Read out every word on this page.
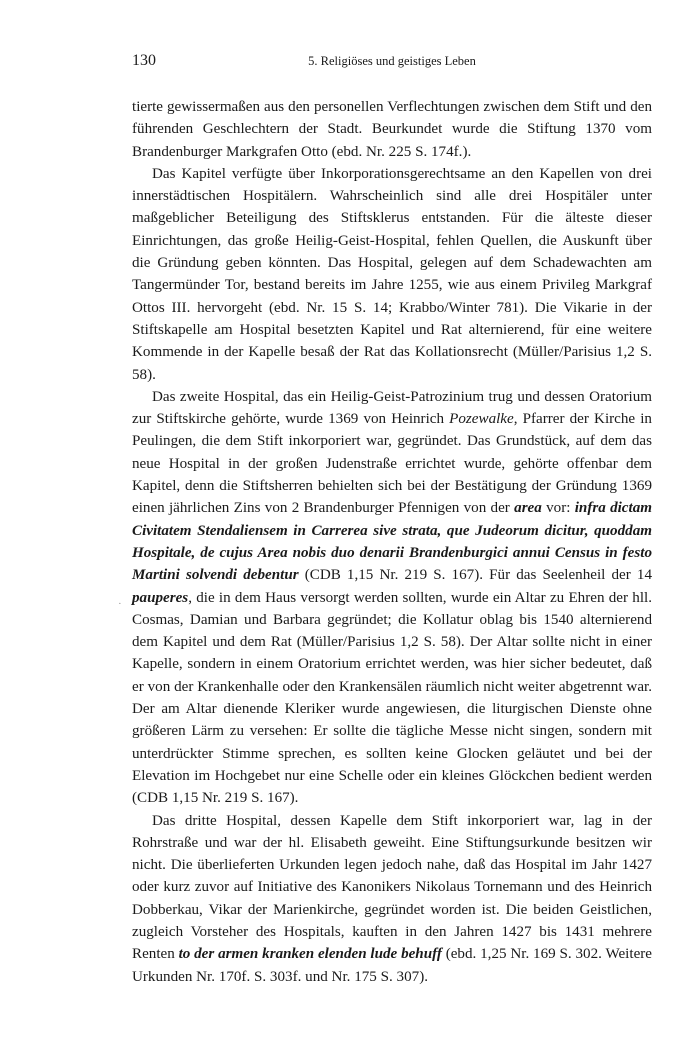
130	5. Religiöses und geistiges Leben

tierte gewissermaßen aus den personellen Verflechtungen zwischen dem Stift und den führenden Geschlechtern der Stadt. Beurkundet wurde die Stiftung 1370 vom Brandenburger Markgrafen Otto (ebd. Nr. 225 S. 174f.).

Das Kapitel verfügte über Inkorporationsgerechtsame an den Kapellen von drei innerstädtischen Hospitälern. Wahrscheinlich sind alle drei Hospitäler unter maßgeblicher Beteiligung des Stiftsklerus entstanden. Für die älteste dieser Einrichtungen, das große Heilig-Geist-Hospital, fehlen Quellen, die Auskunft über die Gründung geben könnten. Das Hospital, gelegen auf dem Schadewachten am Tangermünder Tor, bestand bereits im Jahre 1255, wie aus einem Privileg Markgraf Ottos III. hervorgeht (ebd. Nr. 15 S. 14; Krabbo/Winter 781). Die Vikarie in der Stiftskapelle am Hospital besetzten Kapitel und Rat alternierend, für eine weitere Kommende in der Kapelle besaß der Rat das Kollationsrecht (Müller/Parisius 1,2 S. 58).

Das zweite Hospital, das ein Heilig-Geist-Patrozinium trug und dessen Oratorium zur Stiftskirche gehörte, wurde 1369 von Heinrich Pozewalke, Pfarrer der Kirche in Peulingen, die dem Stift inkorporiert war, gegründet. Das Grundstück, auf dem das neue Hospital in der großen Judenstraße errichtet wurde, gehörte offenbar dem Kapitel, denn die Stiftsherren behielten sich bei der Bestätigung der Gründung 1369 einen jährlichen Zins von 2 Brandenburger Pfennigen von der area vor: infra dictam Civitatem Stendaliensem in Carrerea sive strata, que Judeorum dicitur, quoddam Hospitale, de cujus Area nobis duo denarii Brandenburgici annui Census in festo Martini solvendi debentur (CDB 1,15 Nr. 219 S. 167). Für das Seelenheil der 14 pauperes, die in dem Haus versorgt werden sollten, wurde ein Altar zu Ehren der hll. Cosmas, Damian und Barbara gegründet; die Kollatur oblag bis 1540 alternierend dem Kapitel und dem Rat (Müller/Parisius 1,2 S. 58). Der Altar sollte nicht in einer Kapelle, sondern in einem Oratorium errichtet werden, was hier sicher bedeutet, daß er von der Krankenhalle oder den Krankensälen räumlich nicht weiter abgetrennt war. Der am Altar dienende Kleriker wurde angewiesen, die liturgischen Dienste ohne größeren Lärm zu versehen: Er sollte die tägliche Messe nicht singen, sondern mit unterdrückter Stimme sprechen, es sollten keine Glocken geläutet und bei der Elevation im Hochgebet nur eine Schelle oder ein kleines Glöckchen bedient werden (CDB 1,15 Nr. 219 S. 167).

Das dritte Hospital, dessen Kapelle dem Stift inkorporiert war, lag in der Rohrstraße und war der hl. Elisabeth geweiht. Eine Stiftungsurkunde besitzen wir nicht. Die überlieferten Urkunden legen jedoch nahe, daß das Hospital im Jahr 1427 oder kurz zuvor auf Initiative des Kanonikers Nikolaus Tornemann und des Heinrich Dobberkau, Vikar der Marienkirche, gegründet worden ist. Die beiden Geistlichen, zugleich Vorsteher des Hospitals, kauften in den Jahren 1427 bis 1431 mehrere Renten to der armen kranken elenden lude behuff (ebd. 1,25 Nr. 169 S. 302. Weitere Urkunden Nr. 170f. S. 303f. und Nr. 175 S. 307).

·
